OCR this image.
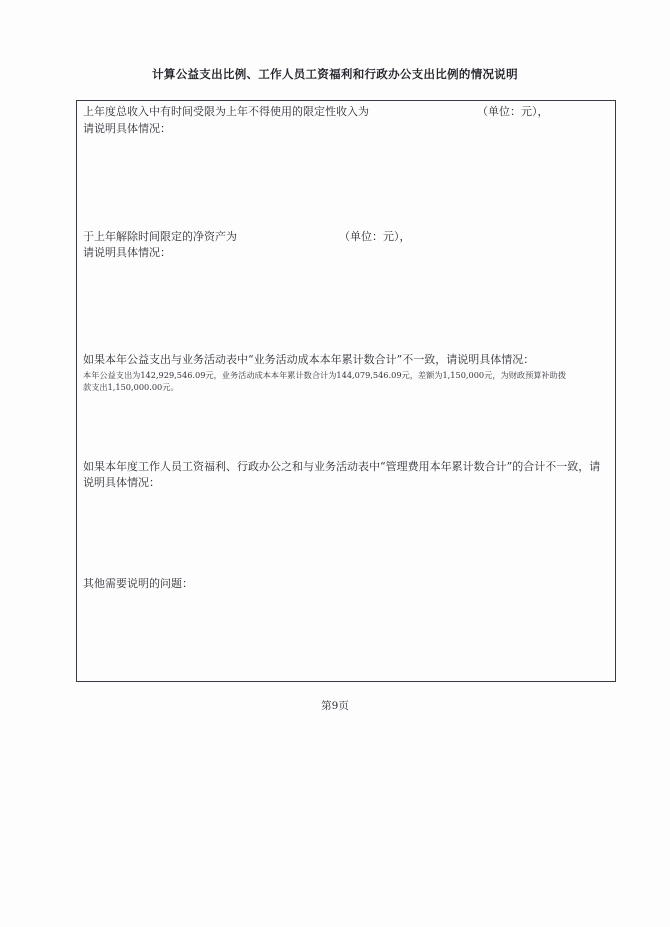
计算公益支出比例、工作人员工资福利和行政办公支出比例的情况说明
上年度总收入中有时间受限为上年不得使用的限定性收入为	（单位：元），
请说明具体情况：
于上年解除时间限定的净资产为	（单位：元），
请说明具体情况：
如果本年公益支出与业务活动表中“业务活动成本本年累计数合计”不一致，请说明具体情况：
本年公益支出为142,929,546.09元，业务活动成本本年累计数合计为144,079,546.09元，差额为1,150,000元，为财政预算补助拨款支出1,150,000.00元。
如果本年度工作人员工资福利、行政办公之和与业务活动表中“管理费用本年累计数合计”的合计不一致，请说明具体情况：
其他需要说明的问题：
第9页
